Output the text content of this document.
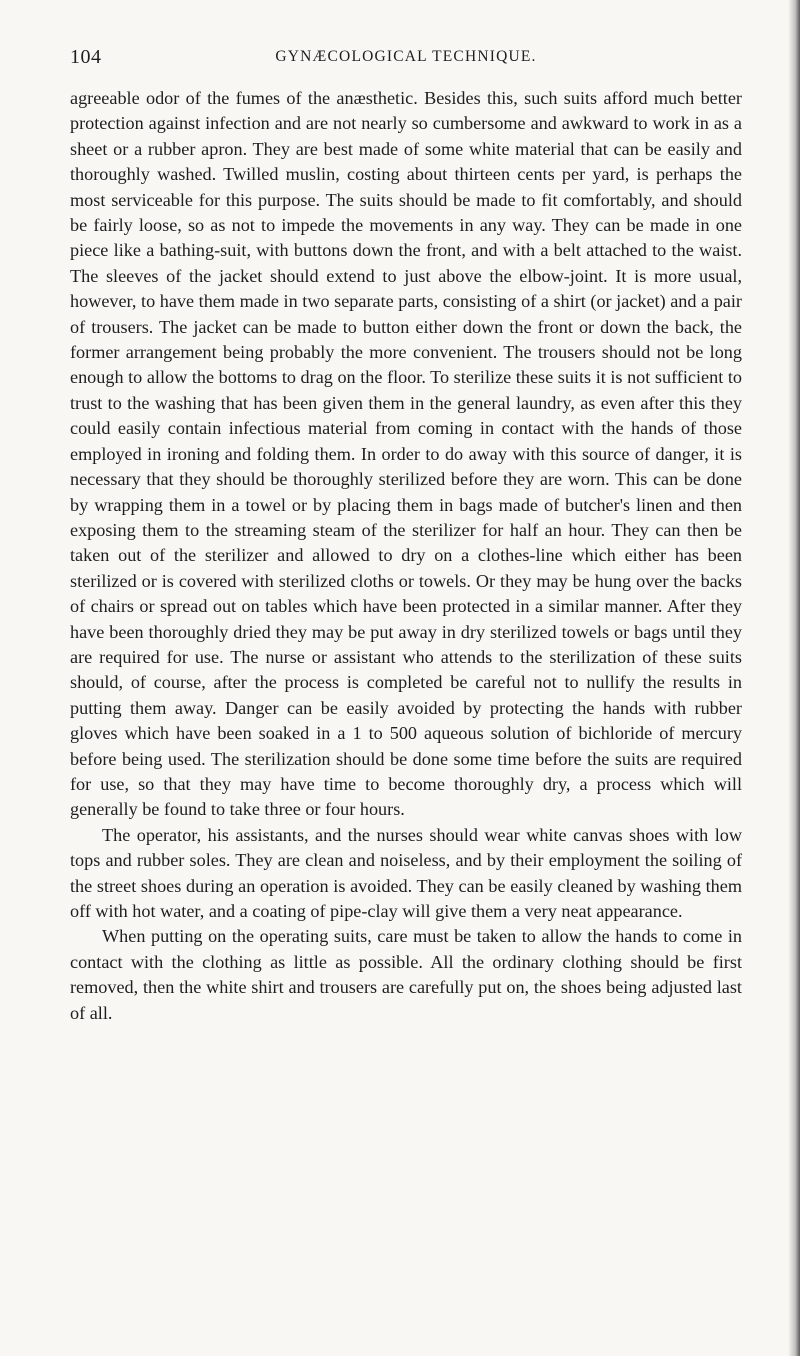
104	GYNÆCOLOGICAL TECHNIQUE.

agreeable odor of the fumes of the anæsthetic. Besides this, such suits afford much better protection against infection and are not nearly so cumbersome and awkward to work in as a sheet or a rubber apron. They are best made of some white material that can be easily and thoroughly washed. Twilled muslin, costing about thirteen cents per yard, is perhaps the most serviceable for this purpose. The suits should be made to fit comfortably, and should be fairly loose, so as not to impede the movements in any way. They can be made in one piece like a bathing-suit, with buttons down the front, and with a belt attached to the waist. The sleeves of the jacket should extend to just above the elbow-joint. It is more usual, however, to have them made in two separate parts, consisting of a shirt (or jacket) and a pair of trousers. The jacket can be made to button either down the front or down the back, the former arrangement being probably the more convenient. The trousers should not be long enough to allow the bottoms to drag on the floor. To sterilize these suits it is not sufficient to trust to the washing that has been given them in the general laundry, as even after this they could easily contain infectious material from coming in contact with the hands of those employed in ironing and folding them. In order to do away with this source of danger, it is necessary that they should be thoroughly sterilized before they are worn. This can be done by wrapping them in a towel or by placing them in bags made of butcher's linen and then exposing them to the streaming steam of the sterilizer for half an hour. They can then be taken out of the sterilizer and allowed to dry on a clothes-line which either has been sterilized or is covered with sterilized cloths or towels. Or they may be hung over the backs of chairs or spread out on tables which have been protected in a similar manner. After they have been thoroughly dried they may be put away in dry sterilized towels or bags until they are required for use. The nurse or assistant who attends to the sterilization of these suits should, of course, after the process is completed be careful not to nullify the results in putting them away. Danger can be easily avoided by protecting the hands with rubber gloves which have been soaked in a 1 to 500 aqueous solution of bichloride of mercury before being used. The sterilization should be done some time before the suits are required for use, so that they may have time to become thoroughly dry, a process which will generally be found to take three or four hours.

The operator, his assistants, and the nurses should wear white canvas shoes with low tops and rubber soles. They are clean and noiseless, and by their employment the soiling of the street shoes during an operation is avoided. They can be easily cleaned by washing them off with hot water, and a coating of pipe-clay will give them a very neat appearance.

When putting on the operating suits, care must be taken to allow the hands to come in contact with the clothing as little as possible. All the ordinary clothing should be first removed, then the white shirt and trousers are carefully put on, the shoes being adjusted last of all.
